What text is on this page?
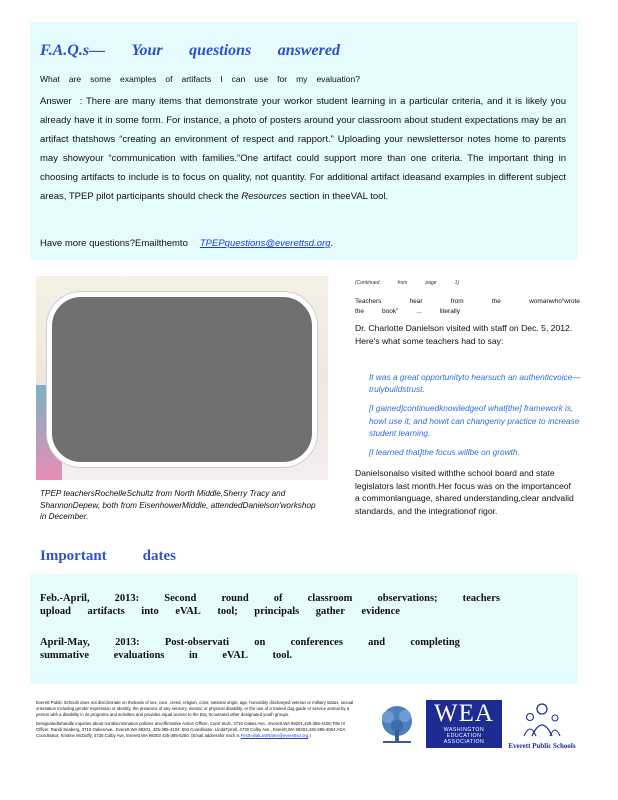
F.A.Q.s— Your questions answered
What are some examples of artifacts I can use for my evaluation?

Answer : There are many items that demonstrate your workor student learning in a particular criteria, and it is likely you already have it in some form. For instance, a photo of posters around your classroom about student expectations may be an artifact thatshows “creating an environment of respect and rapport.” Uploading your newslettersor notes home to parents may showyour “communication with families.”One artifact could support more than one criteria. The important thing in choosing artifacts to include is to focus on quality, not quantity. For additional artifact ideasand examples in different subject areas, TPEP pilot participants should check the Resources section in theeVAL tool.

Have more questions?Emailthemto TPEPquestions@everettsd.org.

TPEP teachersRochelleSchultz from North Middle,Sherry Tracy and ShannonDepew, both from EisenhowerMiddle, attendedDanielson'workshop in December.

(Continued	from	page	1)
Teachers	hear	from	the	womanwho“wrote
the	book”	...	literally

Dr. Charlotte Danielson visited with staff on Dec. 5, 2012. Here's what some teachers had to say:

It was a great opportunityto hearsuch an authenticvoice—trulybuildstrust.

[I gained]continuedknowledgeof what[the] framework is, howI use it, and howit can changemy practice to increase student learning.

[I learned that]the focus willbe on growth.

Danielsonalso visited withthe school board and state legislators last month.Her focus was on the importanceof a commonlanguage, shared understanding,clear andvalid standards, and the integrationof rigor.

Important dates
Feb.-April, 2013: Second round of classroom observations; teachers
upload artifacts into eVAL tool; principals gather evidence
April-May, 2013: Post-observati on conferences and completing
summative evaluations in eVAL tool.

Everett Public Schools does not discriminate on thebasis of sex, race, creed, religion, color, national origin, age, honorably discharged veteran or military status, sexual orientation including gender expression or identity, the presence of any sensory, mental, or physical disability, or the use of a trained dog guide or service animal by a person with a disability in its programs and activities and provides equal access to the Boy Scoutsand other designated youth groups.

Designatedtohandle inquiries about nondiscrimination policies areAffirmative Action Officer, Carol Stolz, 3715 Oakes Ave., Everett,WA 98201,425-385-4106;Title IX Officer, Randi Seaberg, 3715 OakesAve., Everett,WA 98201, 425-385-4104; 504 Coordinator, LindaTyrrell, 4730 Colby Ave., Everett,WA 98203,425-385-4064;ADA Coordinator, Kristine McDuffy, 4730 Colby Ave, Everett,WA 98203 425-385-5250. (Email addressfor each is FirstInitialLastName@everettsd.org.)

WEA
WASHINGTON
EDUCATION
ASSOCIATION	Everett Public Schools
